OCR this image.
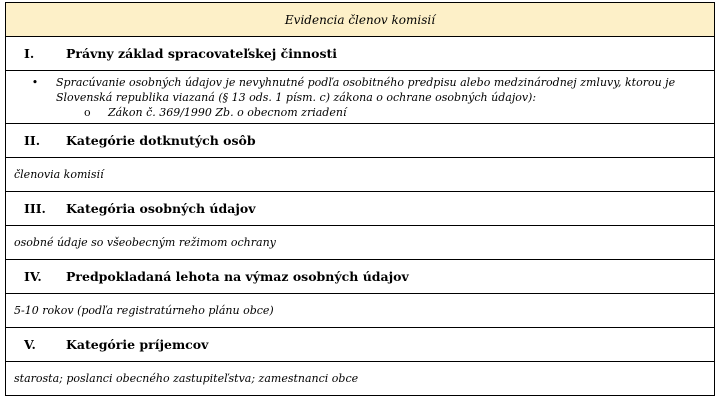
Evidencia členov komisií
I.	Právny základ spracovateľskej činnosti

•	Spracúvanie osobných údajov je nevyhnutné podľa osobitného predpisu alebo medzinárodnej zmluvy, ktorou je Slovenská republika viazaná (§ 13 ods. 1 písm. c) zákona o ochrane osobných údajov):
o	Zákon č. 369/1990 Zb. o obecnom zriadení

II. Kategórie dotknutých osôb
členovia komisií
III. Kategória osobných údajov
osobné údaje so všeobecným režimom ochrany
IV. Predpokladaná lehota na výmaz osobných údajov
5-10 rokov (podľa registratúrneho plánu obce)
V. Kategórie príjemcov
starosta; poslanci obecného zastupiteľstva; zamestnanci obce
